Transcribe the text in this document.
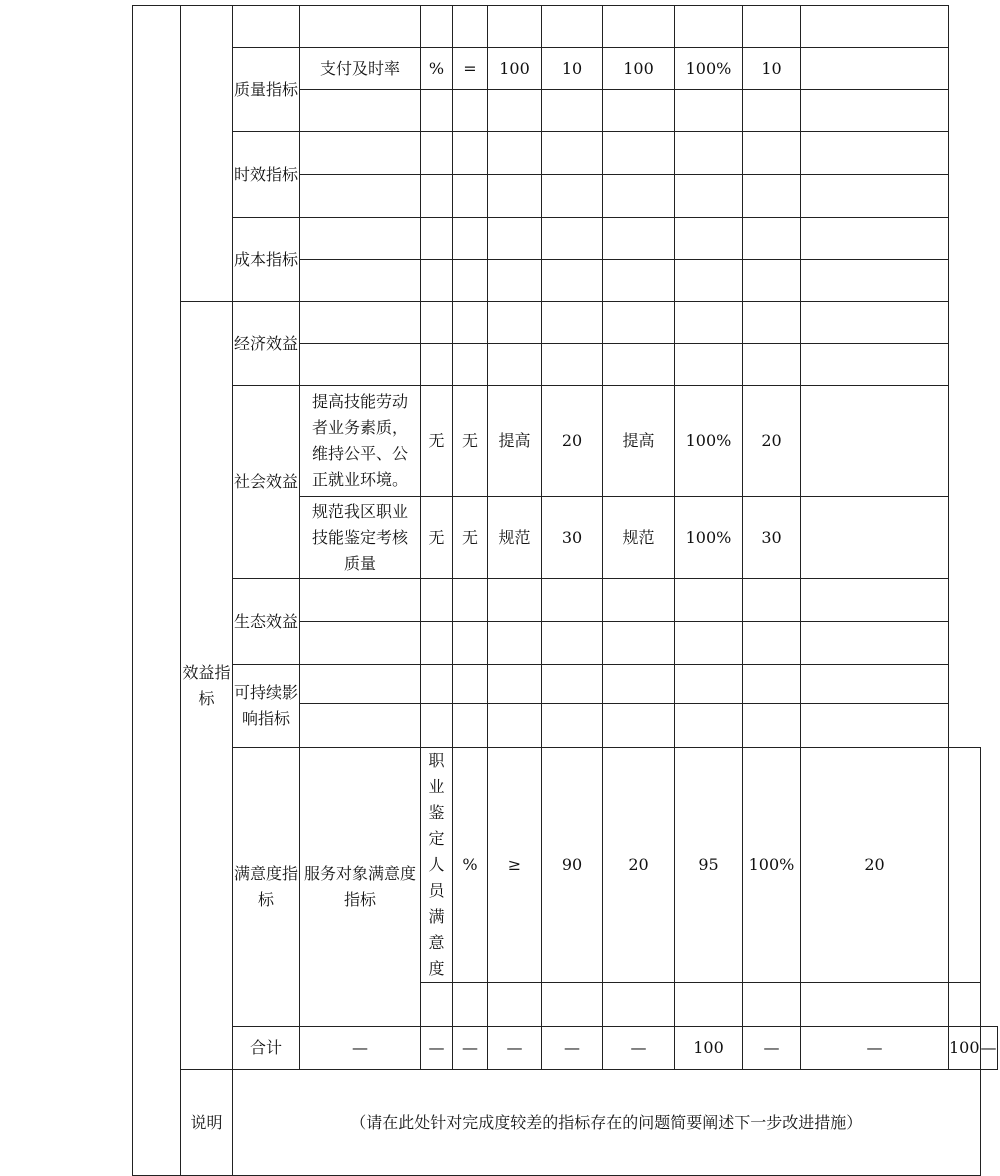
		质量指标	支付及时率	%	=	100	10	100	100%	10			

		时效指标											

		成本指标											

	效益指标	经济效益											

		社会效益	提高技能劳动
者业务素质，
维持公平、公
正就业环境。	无	无	提高	20	提高	100%	20			

			规范我区职业
技能鉴定考核
质量	无	无	规范	30	规范	100%	30			
		生态效益											

		可持续影响指标											

		满意度指标	服务对象满意度指标	职业鉴定人员满意度	%	≥	90	20	95	100%	20		

		合计	—	—	—	—	—	—	100	—	—	100	—
	说明	（请在此处针对完成度较差的指标存在的问题简要阐述下一步改进措施）											
